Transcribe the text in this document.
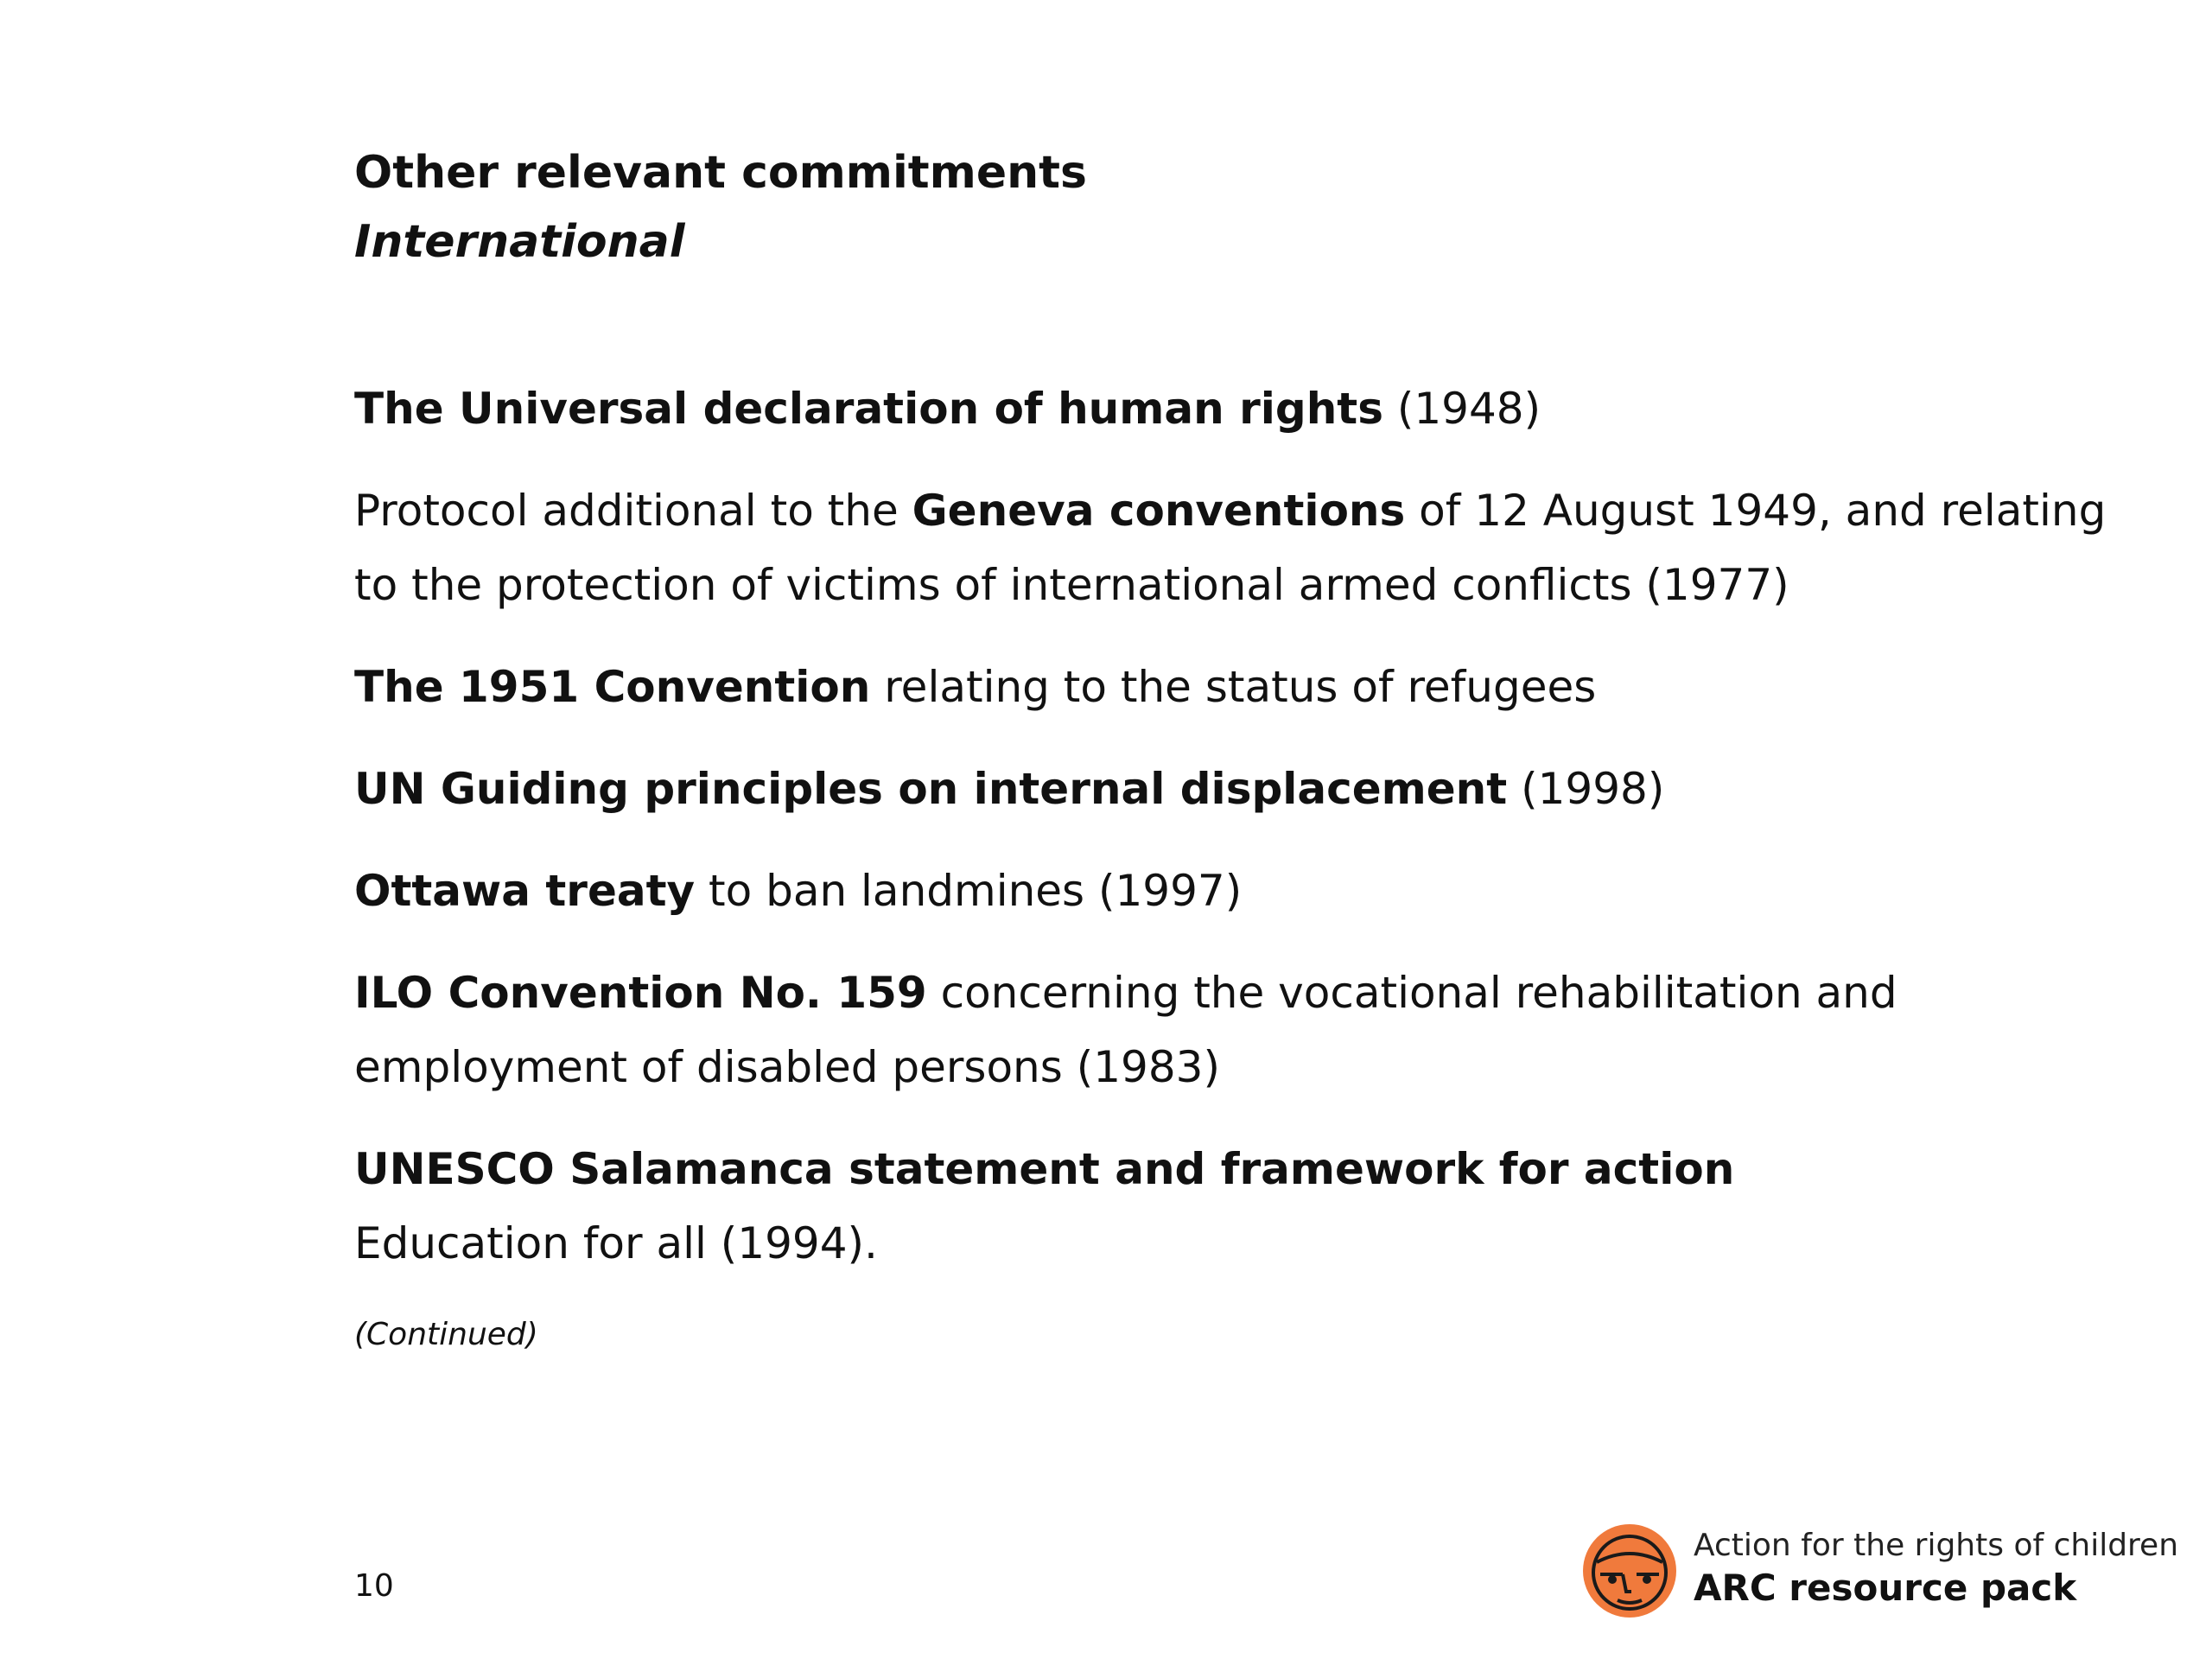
Other relevant commitments
International

The Universal declaration of human rights (1948)

Protocol additional to the Geneva conventions of 12 August 1949, and relating to the protection of victims of international armed conflicts (1977)

The 1951 Convention relating to the status of refugees

UN Guiding principles on internal displacement (1998)

Ottawa treaty to ban landmines (1997)

ILO Convention No. 159 concerning the vocational rehabilitation and employment of disabled persons (1983)

UNESCO Salamanca statement and framework for action
Education for all (1994).

(Continued)
10
Action for the rights of children
ARC resource pack
